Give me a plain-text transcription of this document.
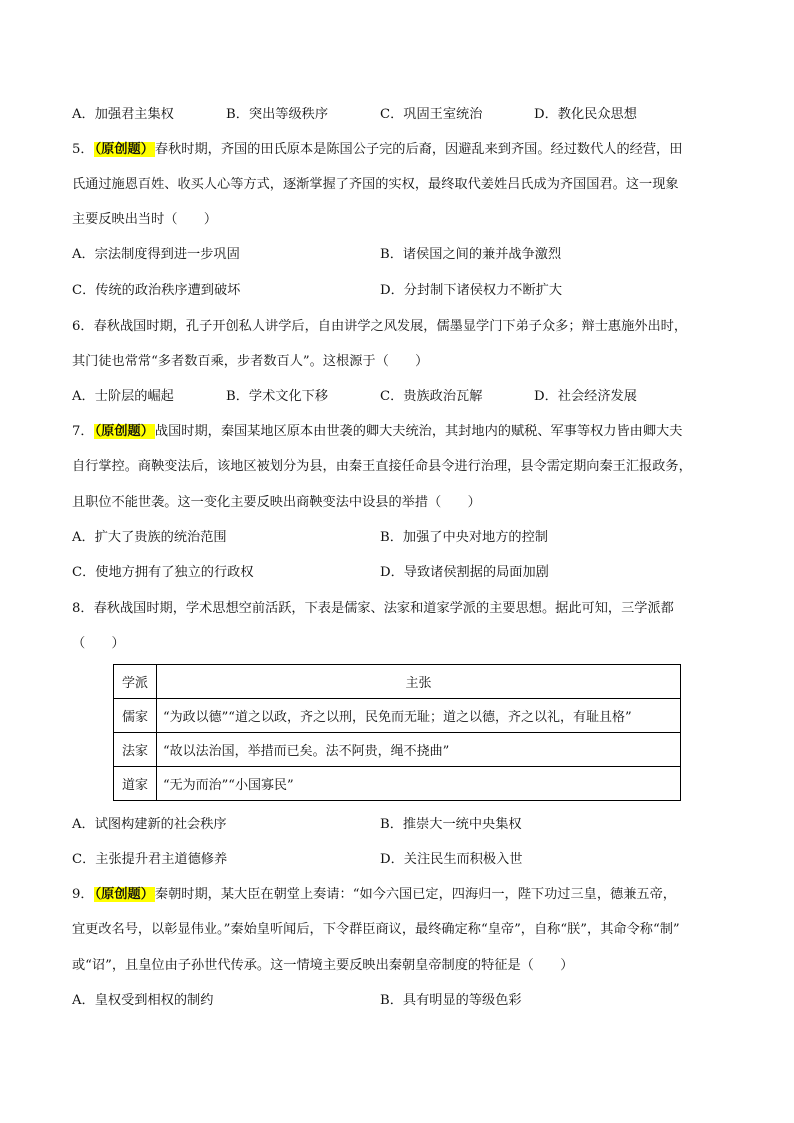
A．加强君主集权	B．突出等级秩序	C．巩固王室统治	D．教化民众思想
5．（原创题）春秋时期，齐国的田氏原本是陈国公子完的后裔，因避乱来到齐国。经过数代人的经营，田
氏通过施恩百姓、收买人心等方式，逐渐掌握了齐国的实权，最终取代姜姓吕氏成为齐国国君。这一现象
主要反映出当时（　　）
A．宗法制度得到进一步巩固	B．诸侯国之间的兼并战争激烈
C．传统的政治秩序遭到破坏	D．分封制下诸侯权力不断扩大
6．春秋战国时期，孔子开创私人讲学后，自由讲学之风发展，儒墨显学门下弟子众多；辩士惠施外出时，
其门徒也常常“多者数百乘，步者数百人”。这根源于（　　）
A．士阶层的崛起	B．学术文化下移	C．贵族政治瓦解	D．社会经济发展
7．（原创题）战国时期，秦国某地区原本由世袭的卿大夫统治，其封地内的赋税、军事等权力皆由卿大夫
自行掌控。商鞅变法后，该地区被划分为县，由秦王直接任命县令进行治理，县令需定期向秦王汇报政务，
且职位不能世袭。这一变化主要反映出商鞅变法中设县的举措（　　）
A．扩大了贵族的统治范围	B．加强了中央对地方的控制
C．使地方拥有了独立的行政权	D．导致诸侯割据的局面加剧
8．春秋战国时期，学术思想空前活跃，下表是儒家、法家和道家学派的主要思想。据此可知，三学派都
（　　）
学派	主张
儒家	“为政以德”“道之以政，齐之以刑，民免而无耻；道之以德，齐之以礼，有耻且格”
法家	“故以法治国，举措而已矣。法不阿贵，绳不挠曲”
道家	“无为而治”“小国寡民”
A．试图构建新的社会秩序	B．推崇大一统中央集权
C．主张提升君主道德修养	D．关注民生而积极入世
9．（原创题）秦朝时期，某大臣在朝堂上奏请：“如今六国已定，四海归一，陛下功过三皇，德兼五帝，
宜更改名号，以彰显伟业。”秦始皇听闻后，下令群臣商议，最终确定称“皇帝”，自称“朕”，其命令称“制”
或“诏”，且皇位由子孙世代传承。这一情境主要反映出秦朝皇帝制度的特征是（　　）
A．皇权受到相权的制约	B．具有明显的等级色彩
